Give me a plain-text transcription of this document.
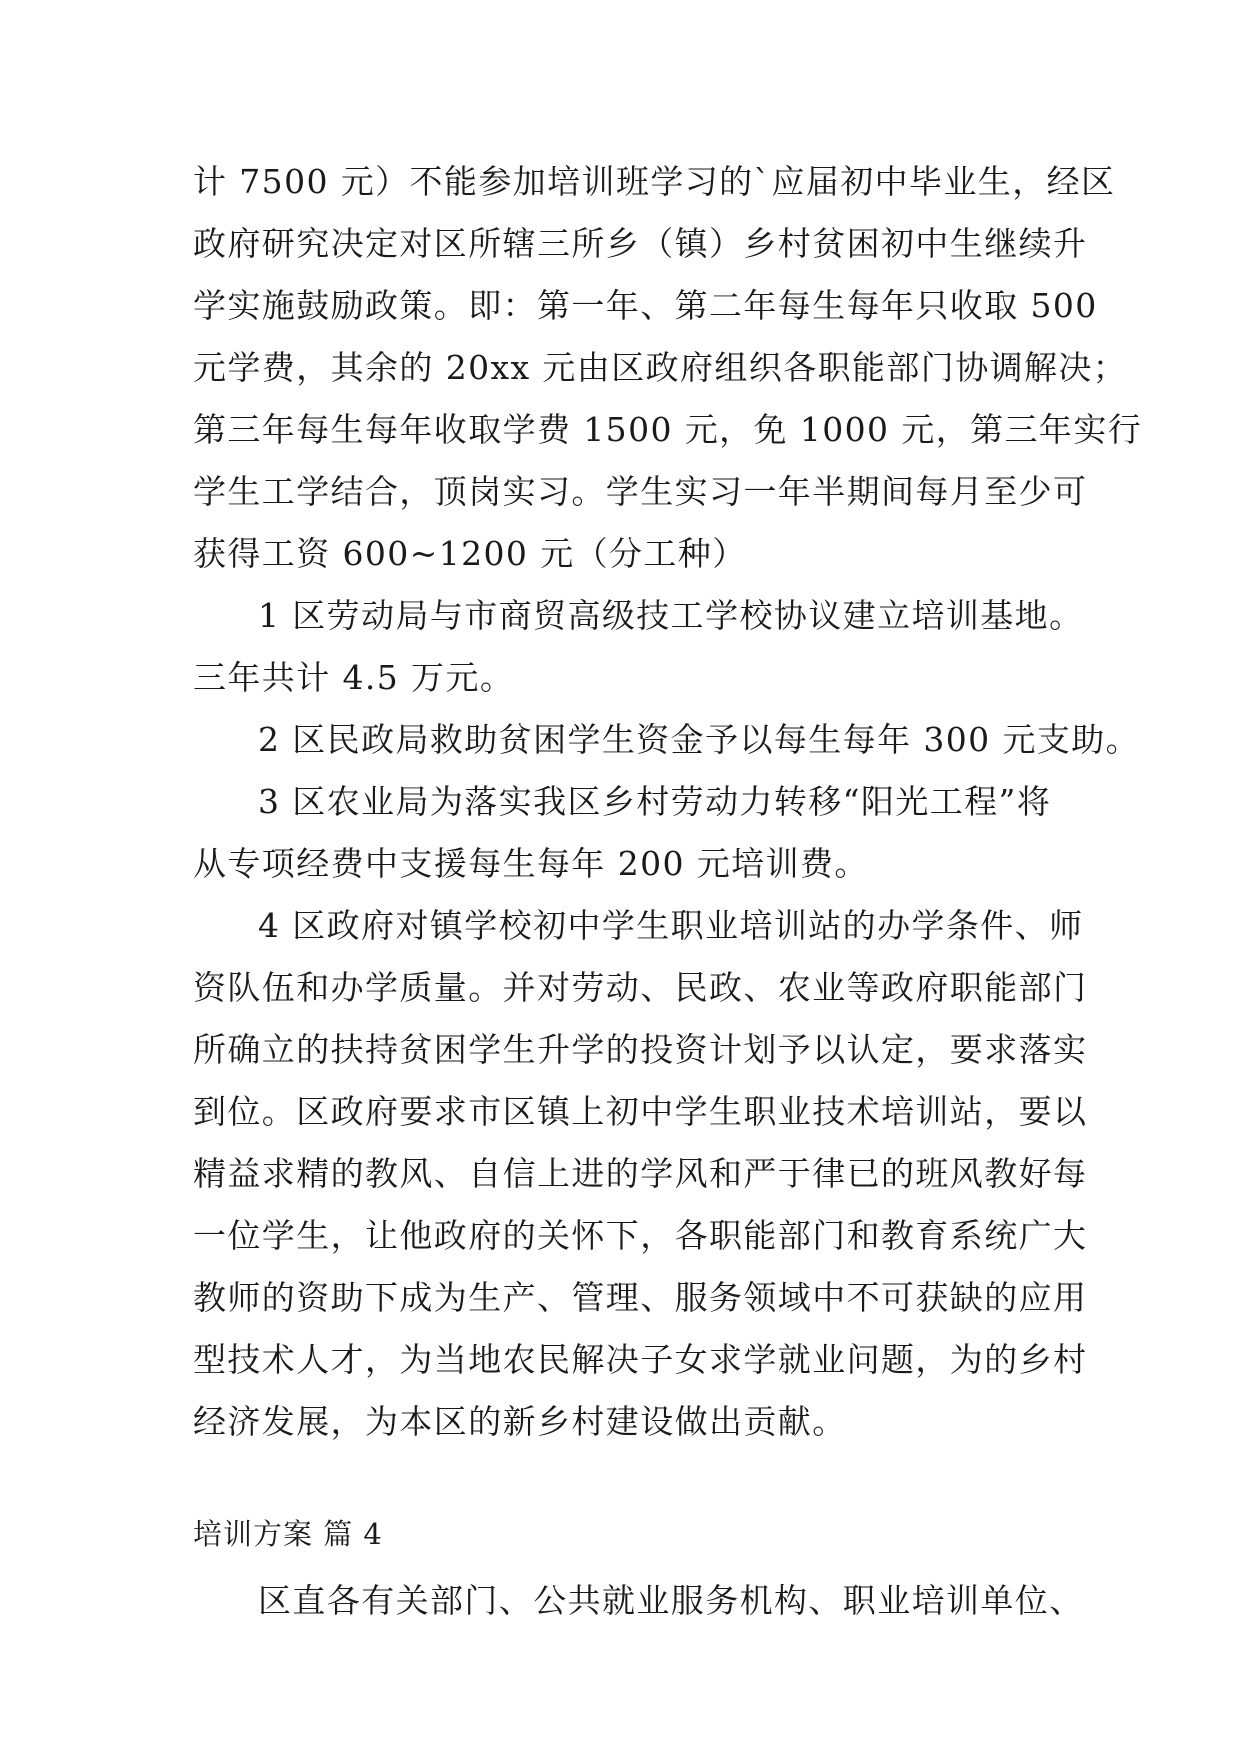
计 7500 元）不能参加培训班学习的`应届初中毕业生，经区
政府研究决定对区所辖三所乡（镇）乡村贫困初中生继续升
学实施鼓励政策。即：第一年、第二年每生每年只收取 500
元学费，其余的 20xx 元由区政府组织各职能部门协调解决；
第三年每生每年收取学费 1500 元，免 1000 元，第三年实行
学生工学结合，顶岗实习。学生实习一年半期间每月至少可
获得工资 600~1200 元（分工种）
1 区劳动局与市商贸高级技工学校协议建立培训基地。
三年共计 4.5 万元。
2 区民政局救助贫困学生资金予以每生每年 300 元支助。
3 区农业局为落实我区乡村劳动力转移“阳光工程”将
从专项经费中支援每生每年 200 元培训费。
4 区政府对镇学校初中学生职业培训站的办学条件、师
资队伍和办学质量。并对劳动、民政、农业等政府职能部门
所确立的扶持贫困学生升学的投资计划予以认定，要求落实
到位。区政府要求市区镇上初中学生职业技术培训站，要以
精益求精的教风、自信上进的学风和严于律已的班风教好每
一位学生，让他政府的关怀下，各职能部门和教育系统广大
教师的资助下成为生产、管理、服务领域中不可获缺的应用
型技术人才，为当地农民解决子女求学就业问题，为的乡村
经济发展，为本区的新乡村建设做出贡献。
培训方案 篇 4
区直各有关部门、公共就业服务机构、职业培训单位、
